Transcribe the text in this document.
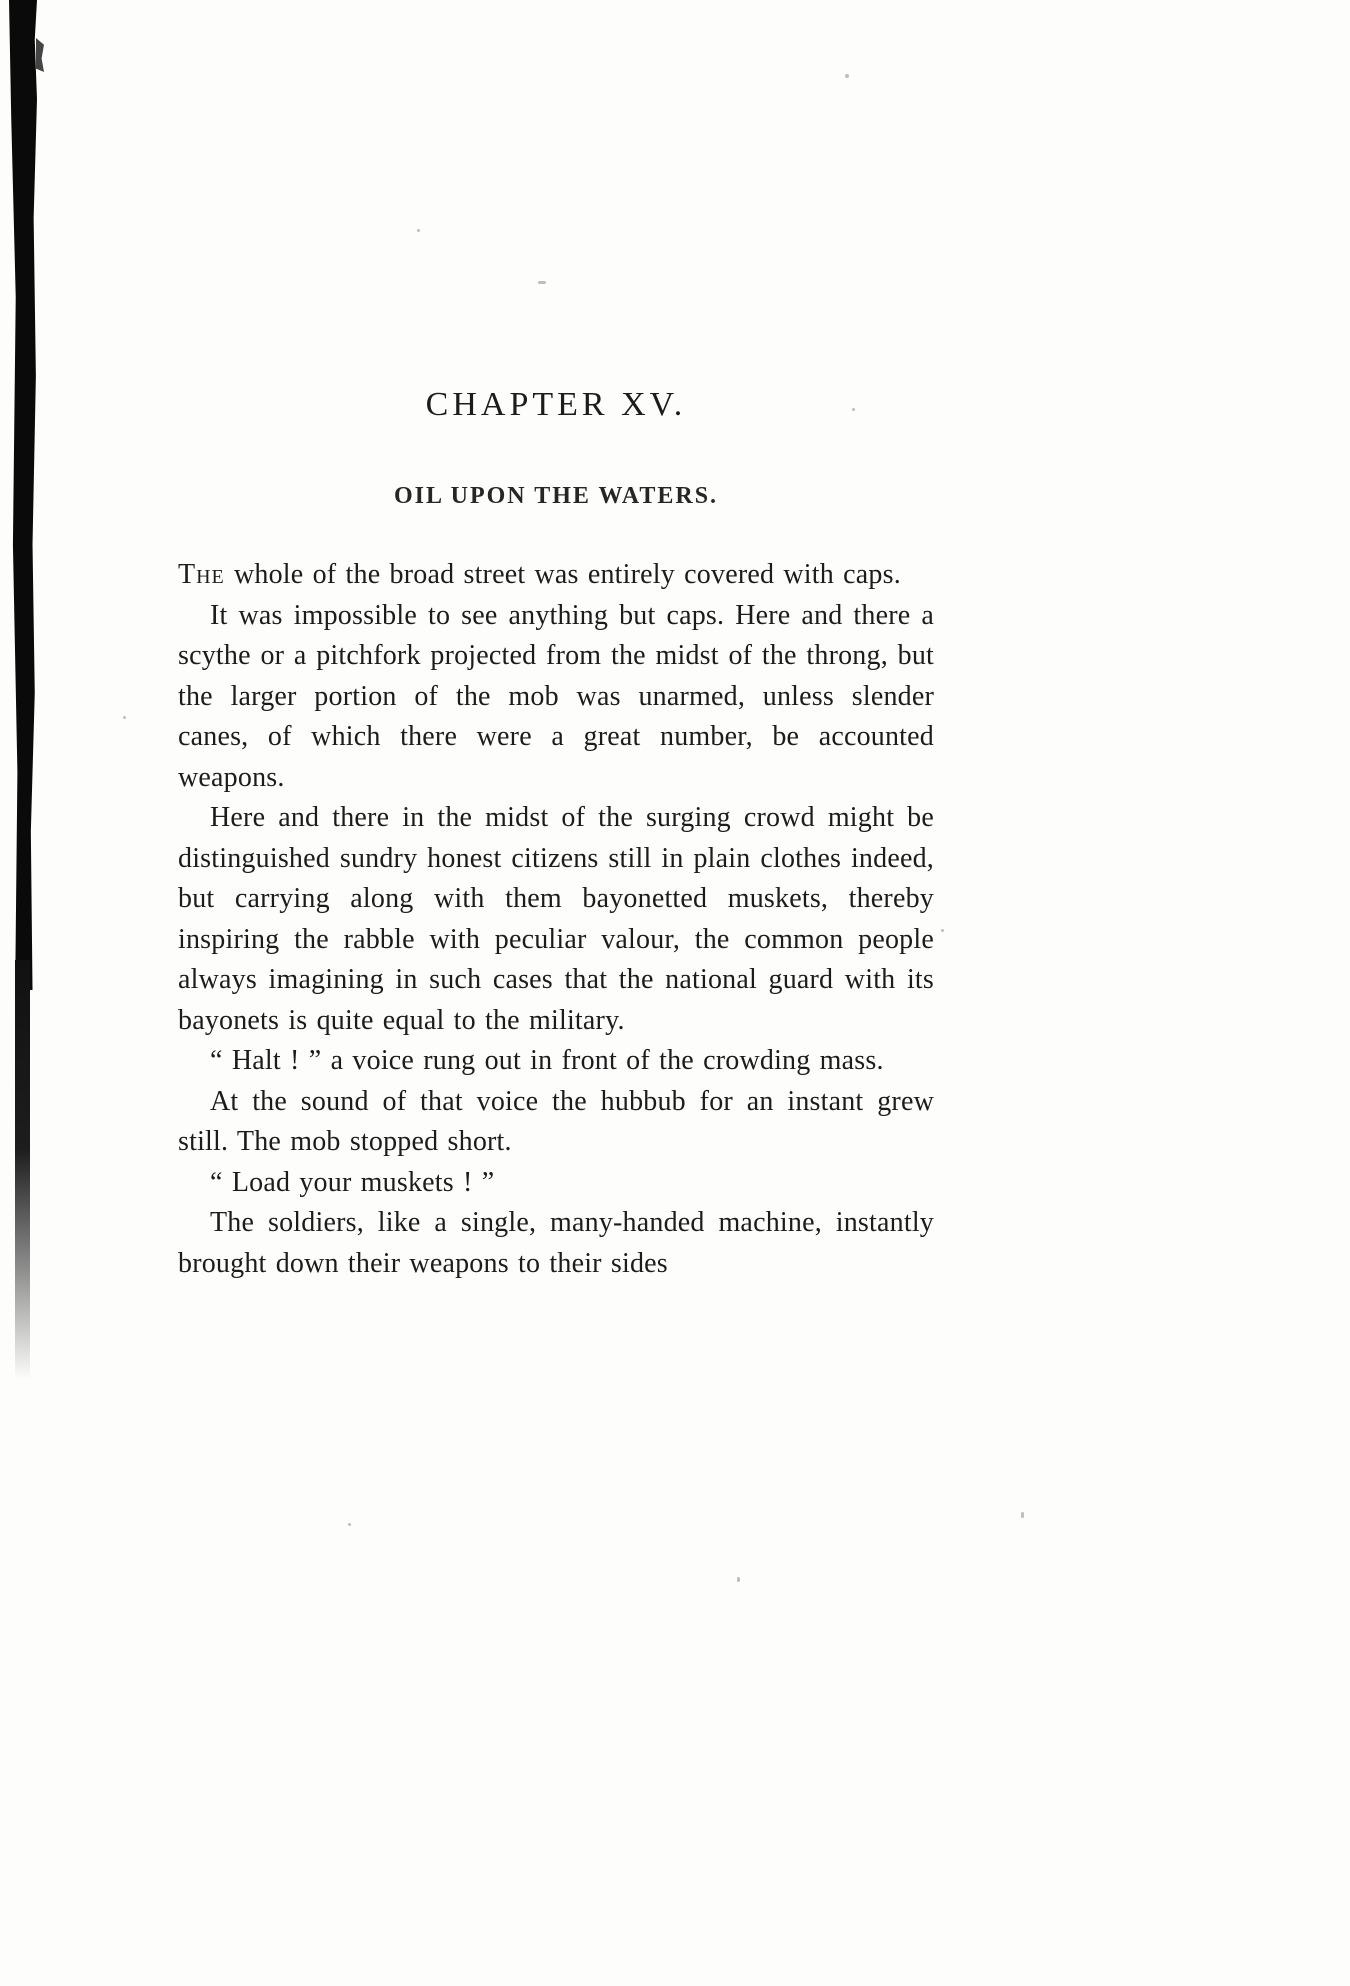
CHAPTER XV.
OIL UPON THE WATERS.

The whole of the broad street was entirely covered with caps.

It was impossible to see anything but caps. Here and there a scythe or a pitchfork projected from the midst of the throng, but the larger portion of the mob was unarmed, unless slender canes, of which there were a great number, be accounted weapons.

Here and there in the midst of the surging crowd might be distinguished sundry honest citizens still in plain clothes indeed, but carrying along with them bayonetted muskets, thereby inspiring the rabble with peculiar valour, the common people always imagining in such cases that the national guard with its bayonets is quite equal to the military.

“ Halt ! ” a voice rung out in front of the crowding mass.

At the sound of that voice the hubbub for an instant grew still. The mob stopped short.

“ Load your muskets ! ”

The soldiers, like a single, many-handed machine, instantly brought down their weapons to their sides
